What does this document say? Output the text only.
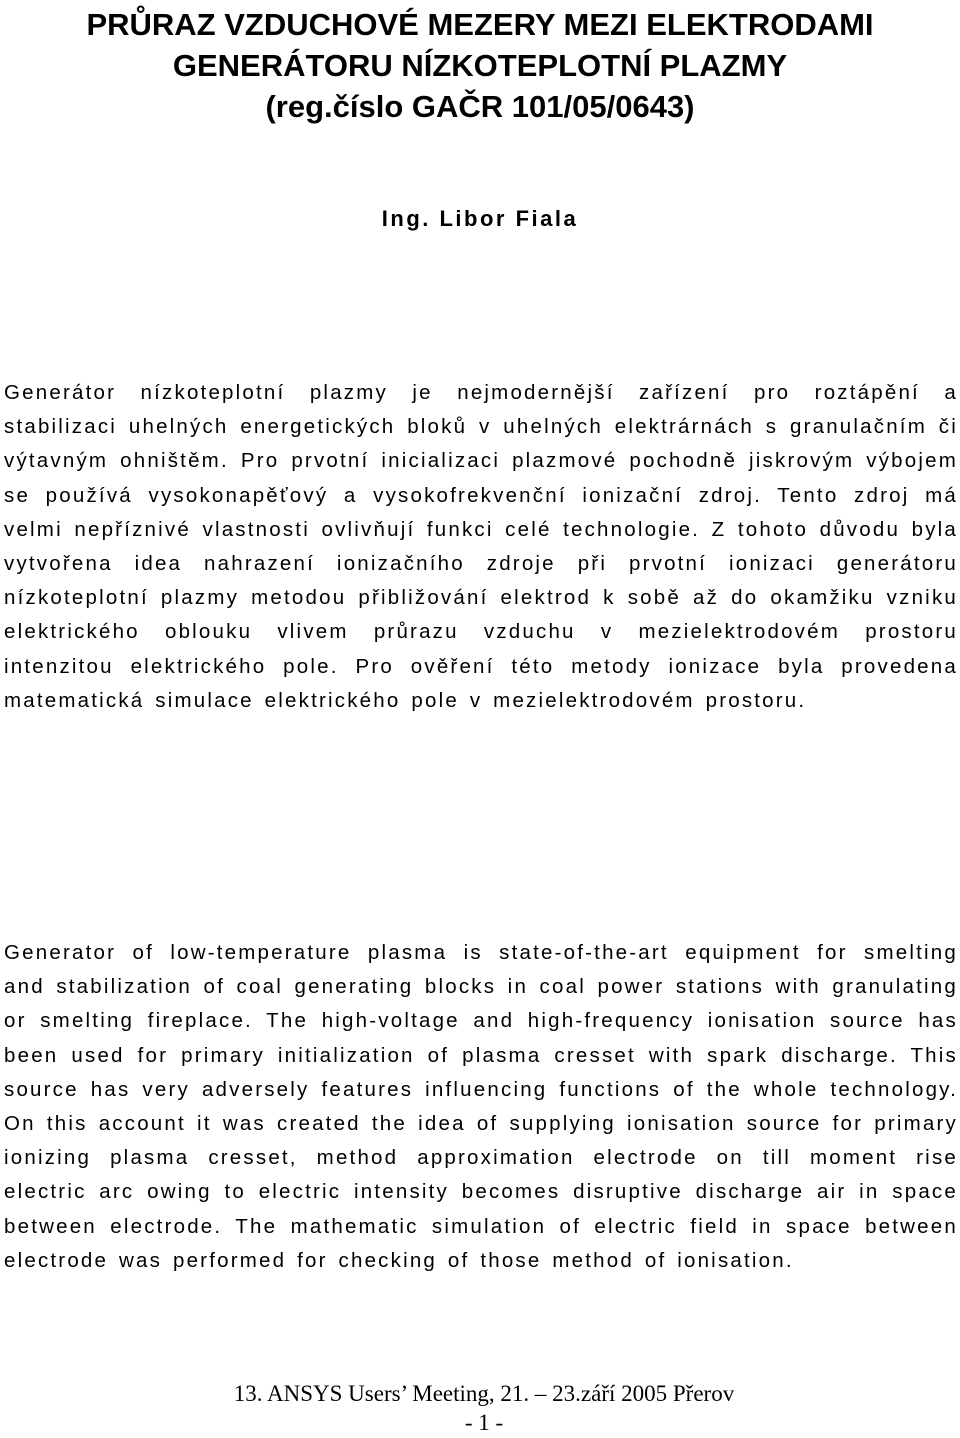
PRŮRAZ VZDUCHOVÉ MEZERY MEZI ELEKTRODAMI
GENERÁTORU NÍZKOTEPLOTNÍ PLAZMY
(reg.číslo GAČR 101/05/0643)
Ing. Libor Fiala

Generátor nízkoteplotní plazmy je nejmodernější zařízení pro roztápění a stabilizaci uhelných energetických bloků v uhelných elektrárnách s granulačním či výtavným ohništěm. Pro prvotní inicializaci plazmové pochodně jiskrovým výbojem se používá vysokonapěťový a vysokofrekvenční ionizační zdroj. Tento zdroj má velmi nepříznivé vlastnosti ovlivňují funkci celé technologie. Z tohoto důvodu byla vytvořena idea nahrazení ionizačního zdroje při prvotní ionizaci generátoru nízkoteplotní plazmy metodou přibližování elektrod k sobě až do okamžiku vzniku elektrického oblouku vlivem průrazu vzduchu v mezielektrodovém prostoru intenzitou elektrického pole. Pro ověření této metody ionizace byla provedena matematická simulace elektrického pole v mezielektrodovém prostoru.

Generator of low-temperature plasma is state-of-the-art equipment for smelting and stabilization of coal generating blocks in coal power stations with granulating or smelting fireplace. The high-voltage and high-frequency ionisation source has been used for primary initialization of plasma cresset with spark discharge. This source has very adversely features influencing functions of the whole technology. On this account it was created the idea of supplying ionisation source for primary ionizing plasma cresset, method approximation electrode on till moment rise electric arc owing to electric intensity becomes disruptive discharge air in space between electrode. The mathematic simulation of electric field in space between electrode was performed for checking of those method of ionisation.

13. ANSYS Users’ Meeting, 21. – 23.září 2005 Přerov
- 1 -
